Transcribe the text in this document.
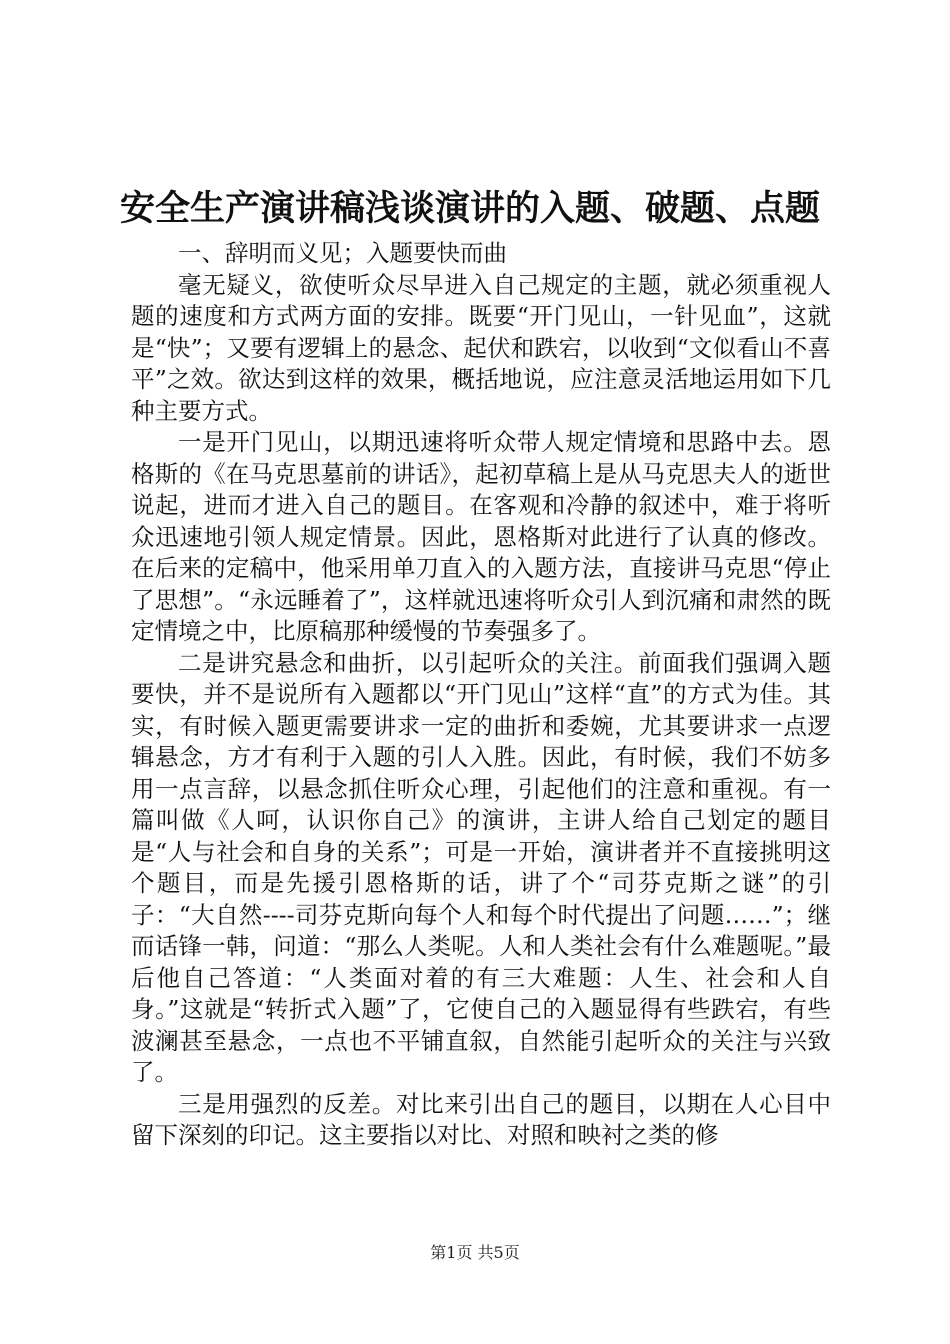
安全生产演讲稿浅谈演讲的入题、破题、点题

一、辞明而义见；入题要快而曲

毫无疑义，欲使听众尽早进入自己规定的主题，就必须重视人题的速度和方式两方面的安排。既要“开门见山，一针见血”，这就是“快”；又要有逻辑上的悬念、起伏和跌宕，以收到“文似看山不喜平”之效。欲达到这样的效果，概括地说，应注意灵活地运用如下几种主要方式。

一是开门见山，以期迅速将听众带人规定情境和思路中去。恩格斯的《在马克思墓前的讲话》，起初草稿上是从马克思夫人的逝世说起，进而才进入自己的题目。在客观和冷静的叙述中，难于将听众迅速地引领人规定情景。因此，恩格斯对此进行了认真的修改。在后来的定稿中，他采用单刀直入的入题方法，直接讲马克思“停止了思想”。“永远睡着了”，这样就迅速将听众引人到沉痛和肃然的既定情境之中，比原稿那种缓慢的节奏强多了。

二是讲究悬念和曲折，以引起听众的关注。前面我们强调入题要快，并不是说所有入题都以“开门见山”这样“直”的方式为佳。其实，有时候入题更需要讲求一定的曲折和委婉，尤其要讲求一点逻辑悬念，方才有利于入题的引人入胜。因此，有时候，我们不妨多用一点言辞，以悬念抓住听众心理，引起他们的注意和重视。有一篇叫做《人呵，认识你自己》的演讲，主讲人给自己划定的题目是“人与社会和自身的关系”；可是一开始，演讲者并不直接挑明这个题目，而是先援引恩格斯的话，讲了个“司芬克斯之谜”的引子：“大自然----司芬克斯向每个人和每个时代提出了问题……”；继而话锋一韩，问道：“那么人类呢。人和人类社会有什么难题呢。”最后他自己答道：“人类面对着的有三大难题：人生、社会和人自身。”这就是“转折式入题”了，它使自己的入题显得有些跌宕，有些波澜甚至悬念，一点也不平铺直叙，自然能引起听众的关注与兴致了。

三是用强烈的反差。对比来引出自己的题目，以期在人心目中留下深刻的印记。这主要指以对比、对照和映衬之类的修

第1页 共5页
